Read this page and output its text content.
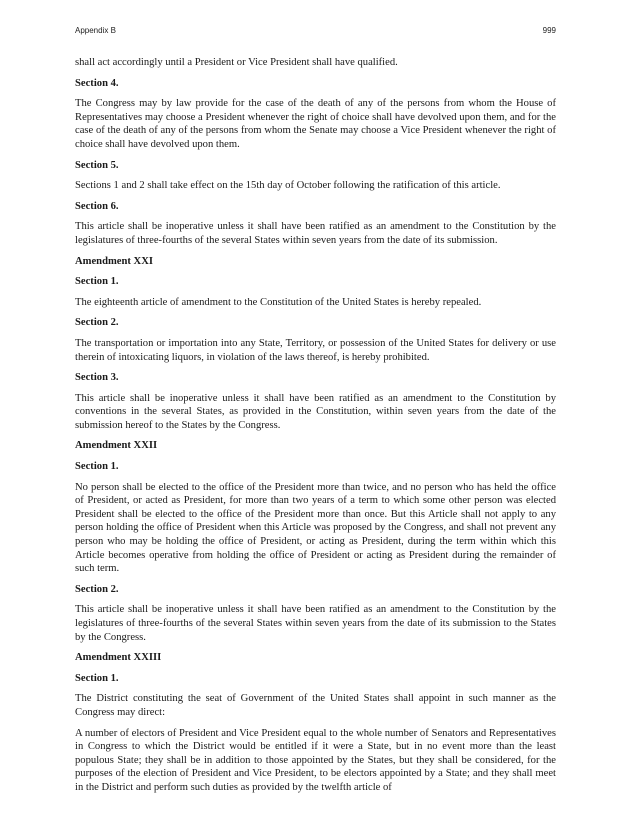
Appendix B	999

shall act accordingly until a President or Vice President shall have qualified.

Section 4.

The Congress may by law provide for the case of the death of any of the persons from whom the House of Representatives may choose a President whenever the right of choice shall have devolved upon them, and for the case of the death of any of the persons from whom the Senate may choose a Vice President whenever the right of choice shall have devolved upon them.

Section 5.

Sections 1 and 2 shall take effect on the 15th day of October following the ratification of this article.

Section 6.

This article shall be inoperative unless it shall have been ratified as an amendment to the Constitution by the legislatures of three-fourths of the several States within seven years from the date of its submission.

Amendment XXI
Section 1.

The eighteenth article of amendment to the Constitution of the United States is hereby repealed.

Section 2.

The transportation or importation into any State, Territory, or possession of the United States for delivery or use therein of intoxicating liquors, in violation of the laws thereof, is hereby prohibited.

Section 3.

This article shall be inoperative unless it shall have been ratified as an amendment to the Constitution by conventions in the several States, as provided in the Constitution, within seven years from the date of the submission hereof to the States by the Congress.

Amendment XXII
Section 1.

No person shall be elected to the office of the President more than twice, and no person who has held the office of President, or acted as President, for more than two years of a term to which some other person was elected President shall be elected to the office of the President more than once. But this Article shall not apply to any person holding the office of President when this Article was proposed by the Congress, and shall not prevent any person who may be holding the office of President, or acting as President, during the term within which this Article becomes operative from holding the office of President or acting as President during the remainder of such term.

Section 2.

This article shall be inoperative unless it shall have been ratified as an amendment to the Constitution by the legislatures of three-fourths of the several States within seven years from the date of its submission to the States by the Congress.

Amendment XXIII
Section 1.

The District constituting the seat of Government of the United States shall appoint in such manner as the Congress may direct:

A number of electors of President and Vice President equal to the whole number of Senators and Representatives in Congress to which the District would be entitled if it were a State, but in no event more than the least populous State; they shall be in addition to those appointed by the States, but they shall be considered, for the purposes of the election of President and Vice President, to be electors appointed by a State; and they shall meet in the District and perform such duties as provided by the twelfth article of
